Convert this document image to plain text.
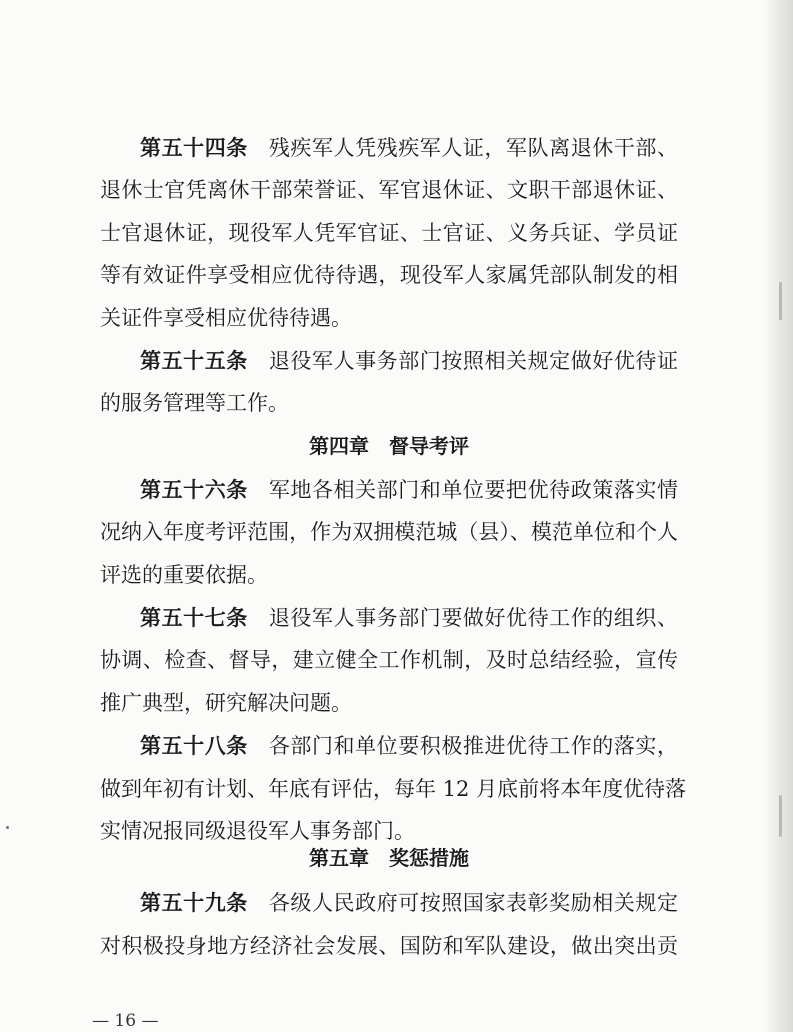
第五十四条 残疾军人凭残疾军人证，军队离退休干部、
退休士官凭离休干部荣誉证、军官退休证、文职干部退休证、
士官退休证，现役军人凭军官证、士官证、义务兵证、学员证
等有效证件享受相应优待待遇，现役军人家属凭部队制发的相
关证件享受相应优待待遇。
第五十五条 退役军人事务部门按照相关规定做好优待证
的服务管理等工作。
第四章　督导考评
第五十六条 军地各相关部门和单位要把优待政策落实情
况纳入年度考评范围，作为双拥模范城（县）、模范单位和个人
评选的重要依据。
第五十七条 退役军人事务部门要做好优待工作的组织、
协调、检查、督导，建立健全工作机制，及时总结经验，宣传
推广典型，研究解决问题。
第五十八条 各部门和单位要积极推进优待工作的落实，
做到年初有计划、年底有评估，每年 12 月底前将本年度优待落
实情况报同级退役军人事务部门。
第五章　奖惩措施
第五十九条 各级人民政府可按照国家表彰奖励相关规定
对积极投身地方经济社会发展、国防和军队建设，做出突出贡
— 16 —
